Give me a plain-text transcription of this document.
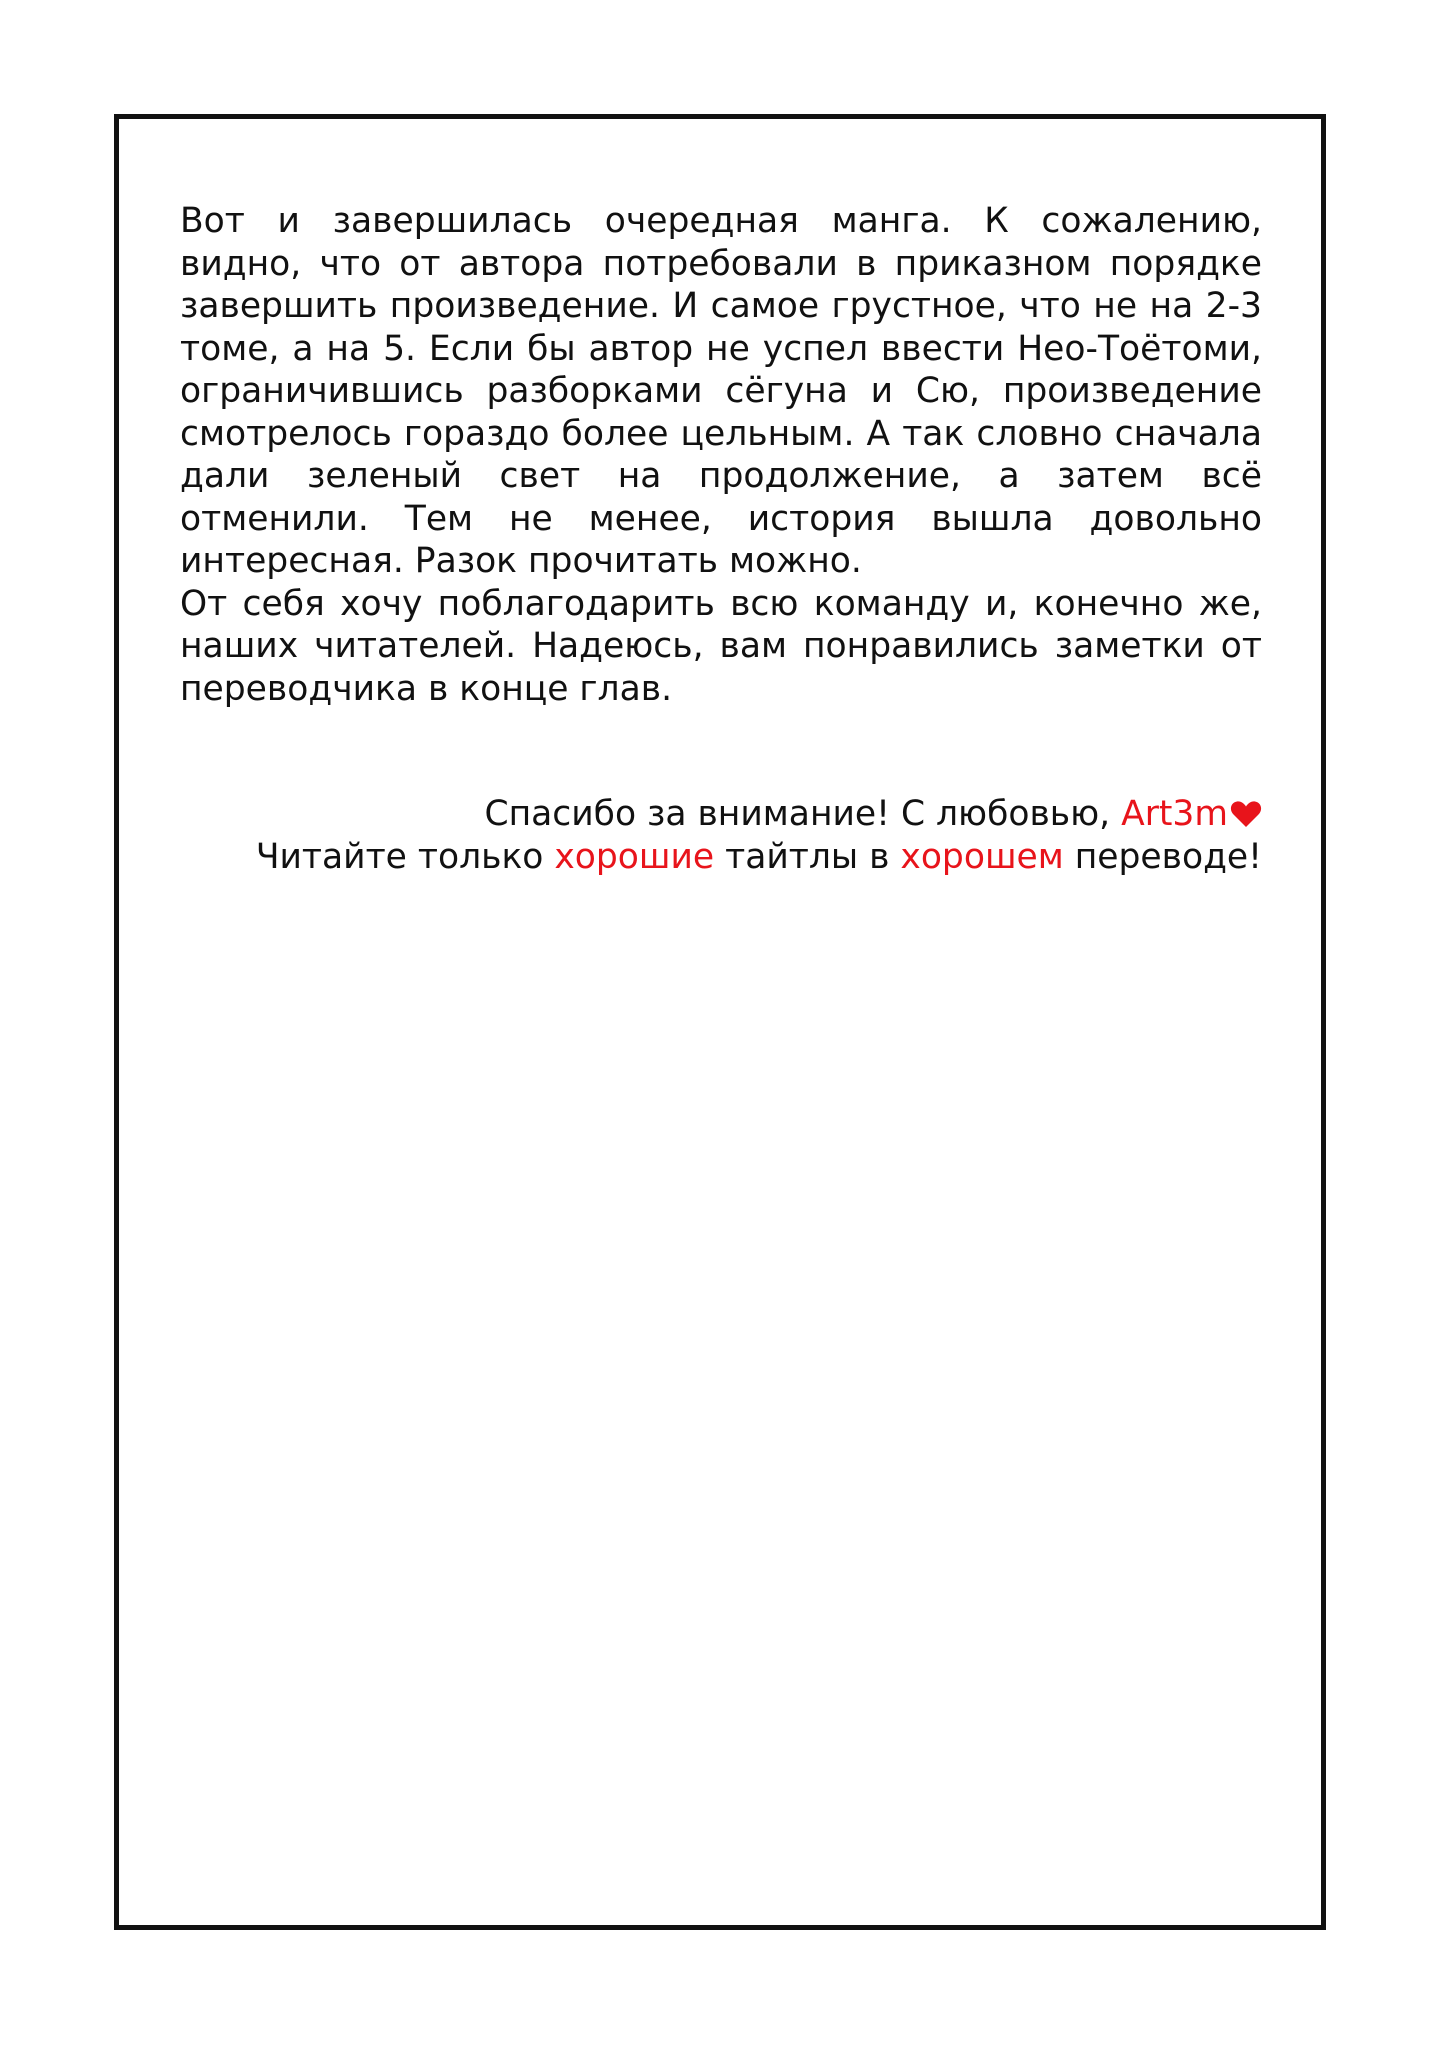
Вот и завершилась очередная манга. К сожалению, видно, что от автора потребовали в приказном порядке завершить произведение. И самое грустное, что не на 2-3 томе, а на 5. Если бы автор не успел ввести Нео-Тоётоми, ограничившись разборками сёгуна и Сю, произведение смотрелось гораздо более цельным. А так словно сначала дали зеленый свет на продолжение, а затем всё отменили. Тем не менее, история вышла довольно интересная. Разок прочитать можно.

От себя хочу поблагодарить всю команду и, конечно же, наших читателей. Надеюсь, вам понравились заметки от переводчика в конце глав.

Спасибо за внимание! С любовью, Art3m
Читайте только хорошие тайтлы в хорошем переводе!
